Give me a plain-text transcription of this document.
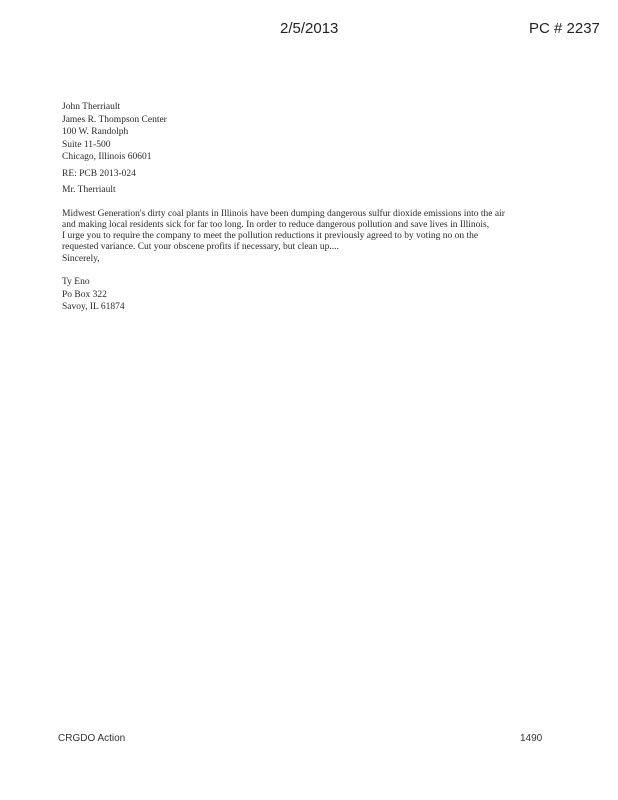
2/5/2013	PC # 2237
John Therriault
James R. Thompson Center
100 W. Randolph
Suite 11-500
Chicago, Illinois 60601
RE: PCB 2013-024
Mr. Therriault
Midwest Generation's dirty coal plants in Illinois have been dumping dangerous sulfur dioxide emissions into the air
and making local residents sick for far too long. In order to reduce dangerous pollution and save lives in Illinois,
I urge you to require the company to meet the pollution reductions it previously agreed to by voting no on the
requested variance. Cut your obscene profits if necessary, but clean up....
Sincerely,
Ty Eno
Po Box 322
Savoy, IL 61874
CRGDO Action	1490
